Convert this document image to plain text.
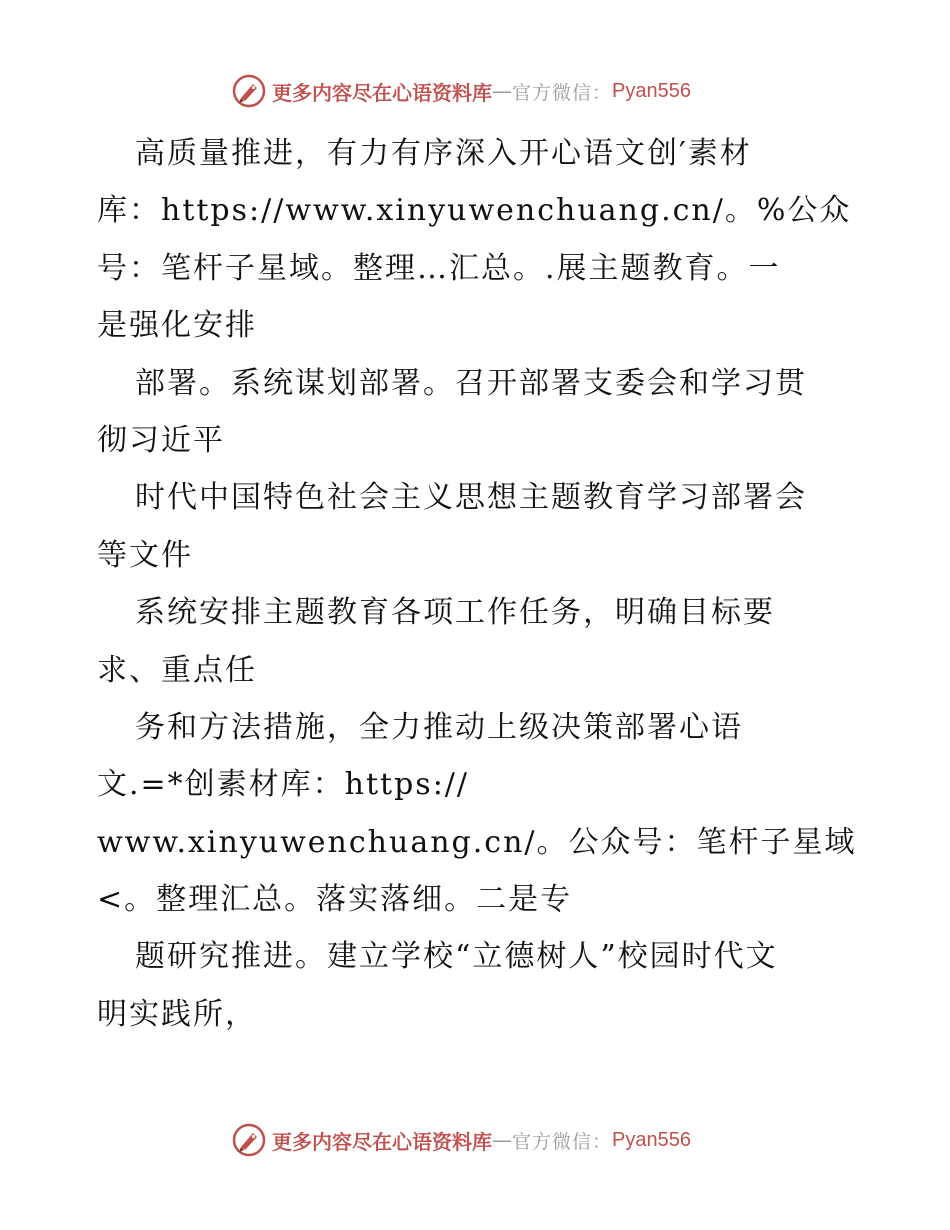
更多内容尽在心语资料库 — 官方微信： Pyan556
高质量推进，有力有序深入开心语文创′素材
库：https://www.xinyuwenchuang.cn/。%公众
号：笔杆子星域。整理…汇总。.展主题教育。一
是强化安排
部署。系统谋划部署。召开部署支委会和学习贯
彻习近平
时代中国特色社会主义思想主题教育学习部署会
等文件
系统安排主题教育各项工作任务，明确目标要
求、重点任
务和方法措施，全力推动上级决策部署心语
文.=*创素材库：https://
www.xinyuwenchuang.cn/。公众号：笔杆子星域
<。整理汇总。落实落细。二是专
题研究推进。建立学校“立德树人”校园时代文
明实践所，
更多内容尽在心语资料库 — 官方微信： Pyan556
